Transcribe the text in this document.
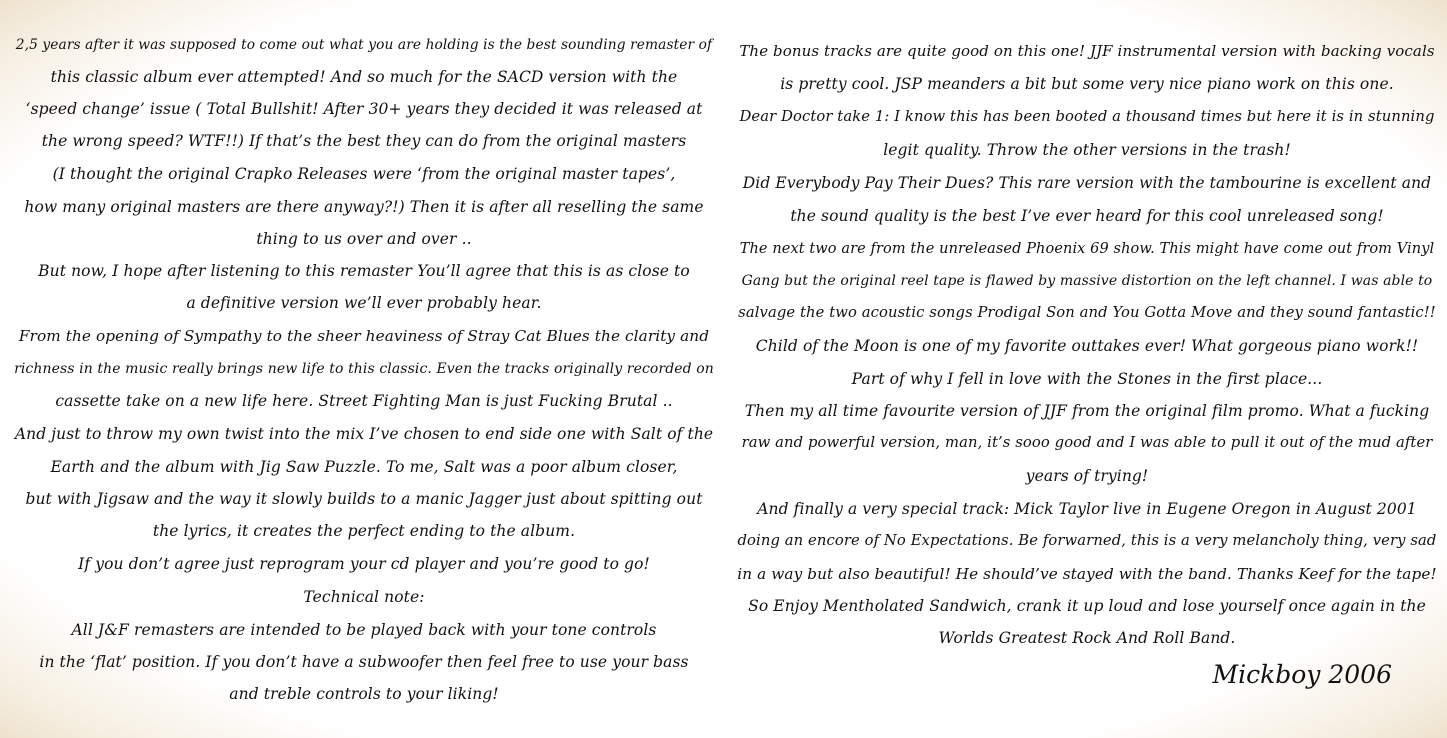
2,5 years after it was supposed to come out what you are holding is the best sounding remaster of
this classic album ever attempted! And so much for the SACD version with the
‘speed change’ issue ( Total Bullshit! After 30+ years they decided it was released at
the wrong speed? WTF!!) If that’s the best they can do from the original masters
(I thought the original Crapko Releases were ‘from the original master tapes’,
how many original masters are there anyway?!) Then it is after all reselling the same
thing to us over and over ..
But now, I hope after listening to this remaster You’ll agree that this is as close to
a definitive version we’ll ever probably hear.
From the opening of Sympathy to the sheer heaviness of Stray Cat Blues the clarity and
richness in the music really brings new life to this classic. Even the tracks originally recorded on
cassette take on a new life here. Street Fighting Man is just Fucking Brutal ..
And just to throw my own twist into the mix I’ve chosen to end side one with Salt of the
Earth and the album with Jig Saw Puzzle. To me, Salt was a poor album closer,
but with Jigsaw and the way it slowly builds to a manic Jagger just about spitting out
the lyrics, it creates the perfect ending to the album.
If you don’t agree just reprogram your cd player and you’re good to go!
Technical note:
All J&F remasters are intended to be played back with your tone controls
in the ‘flat’ position. If you don’t have a subwoofer then feel free to use your bass
and treble controls to your liking!
The bonus tracks are quite good on this one! JJF instrumental version with backing vocals
is pretty cool. JSP meanders a bit but some very nice piano work on this one.
Dear Doctor take 1: I know this has been booted a thousand times but here it is in stunning
legit quality. Throw the other versions in the trash!
Did Everybody Pay Their Dues? This rare version with the tambourine is excellent and
the sound quality is the best I’ve ever heard for this cool unreleased song!
The next two are from the unreleased Phoenix 69 show. This might have come out from Vinyl
Gang but the original reel tape is flawed by massive distortion on the left channel. I was able to
salvage the two acoustic songs Prodigal Son and You Gotta Move and they sound fantastic!!
Child of the Moon is one of my favorite outtakes ever! What gorgeous piano work!!
Part of why I fell in love with the Stones in the first place...
Then my all time favourite version of JJF from the original film promo. What a fucking
raw and powerful version, man, it’s sooo good and I was able to pull it out of the mud after
years of trying!
And finally a very special track: Mick Taylor live in Eugene Oregon in August 2001
doing an encore of No Expectations. Be forwarned, this is a very melancholy thing, very sad
in a way but also beautiful! He should’ve stayed with the band. Thanks Keef for the tape!
So Enjoy Mentholated Sandwich, crank it up loud and lose yourself once again in the
Worlds Greatest Rock And Roll Band.
Mickboy 2006
